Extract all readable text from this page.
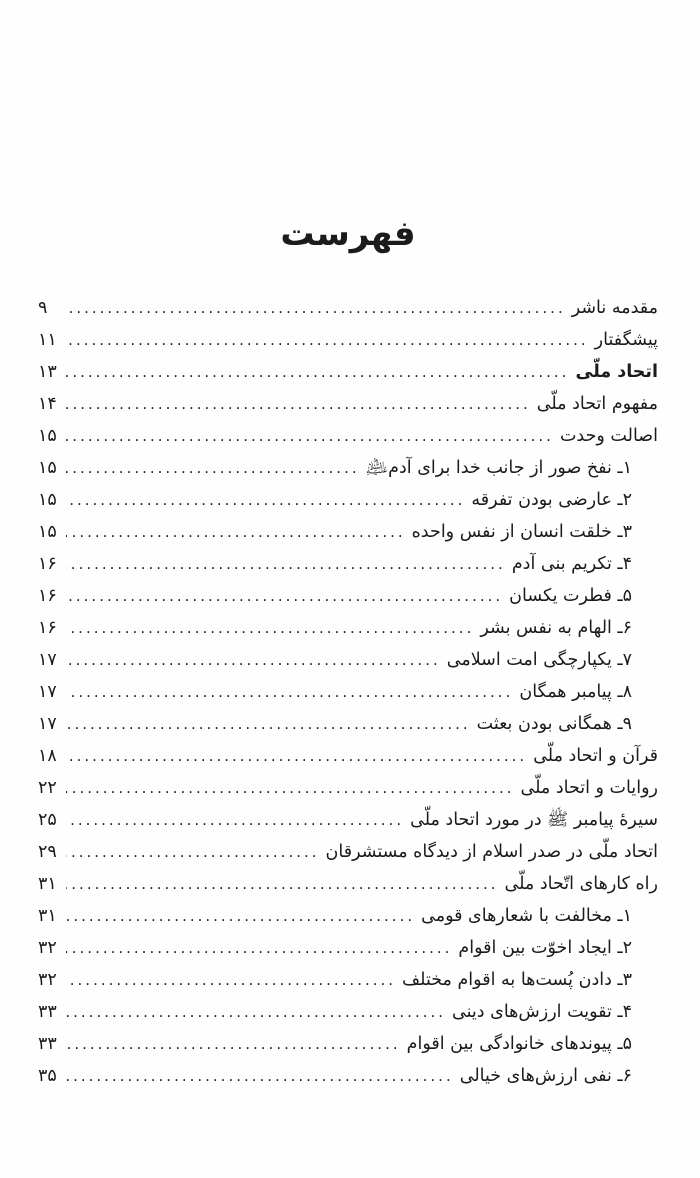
فهرست
مقدمه ناشر
.....
۹
پیشگفتار
.....
۱۱
اتحاد ملّی
.....
۱۳
مفهوم اتحاد ملّی
.....
۱۴
اصالت وحدت
.....
۱۵
۱ـ نفخ صور از جانب خدا برای آدم﵇
.....
۱۵
۲ـ عارضی بودن تفرقه
.....
۱۵
۳ـ خلقت انسان از نفس واحده
.....
۱۵
۴ـ تکریم بنی آدم
.....
۱۶
۵ـ فطرت یکسان
.....
۱۶
۶ـ الهام به نفس بشر
.....
۱۶
۷ـ یکپارچگی امت اسلامی
.....
۱۷
۸ـ پیامبر همگان
.....
۱۷
۹ـ همگانی بودن بعثت
.....
۱۷
قرآن و اتحاد ملّی
.....
۱۸
روایات و اتحاد ملّی
.....
۲۲
سیرهٔ پیامبر ﷺ در مورد اتحاد ملّی
.....
۲۵
اتحاد ملّی در صدر اسلام از دیدگاه مستشرقان
.....
۲۹
راه کارهای اتّحاد ملّی
.....
۳۱
۱ـ مخالفت با شعارهای قومی
.....
۳۱
۲ـ ایجاد اخوّت بین اقوام
.....
۳۲
۳ـ دادن پُست‌ها به اقوام مختلف
.....
۳۲
۴ـ تقویت ارزش‌های دینی
.....
۳۳
۵ـ پیوندهای خانوادگی بین اقوام
.....
۳۳
۶ـ نفی ارزش‌های خیالی
.....
۳۵
